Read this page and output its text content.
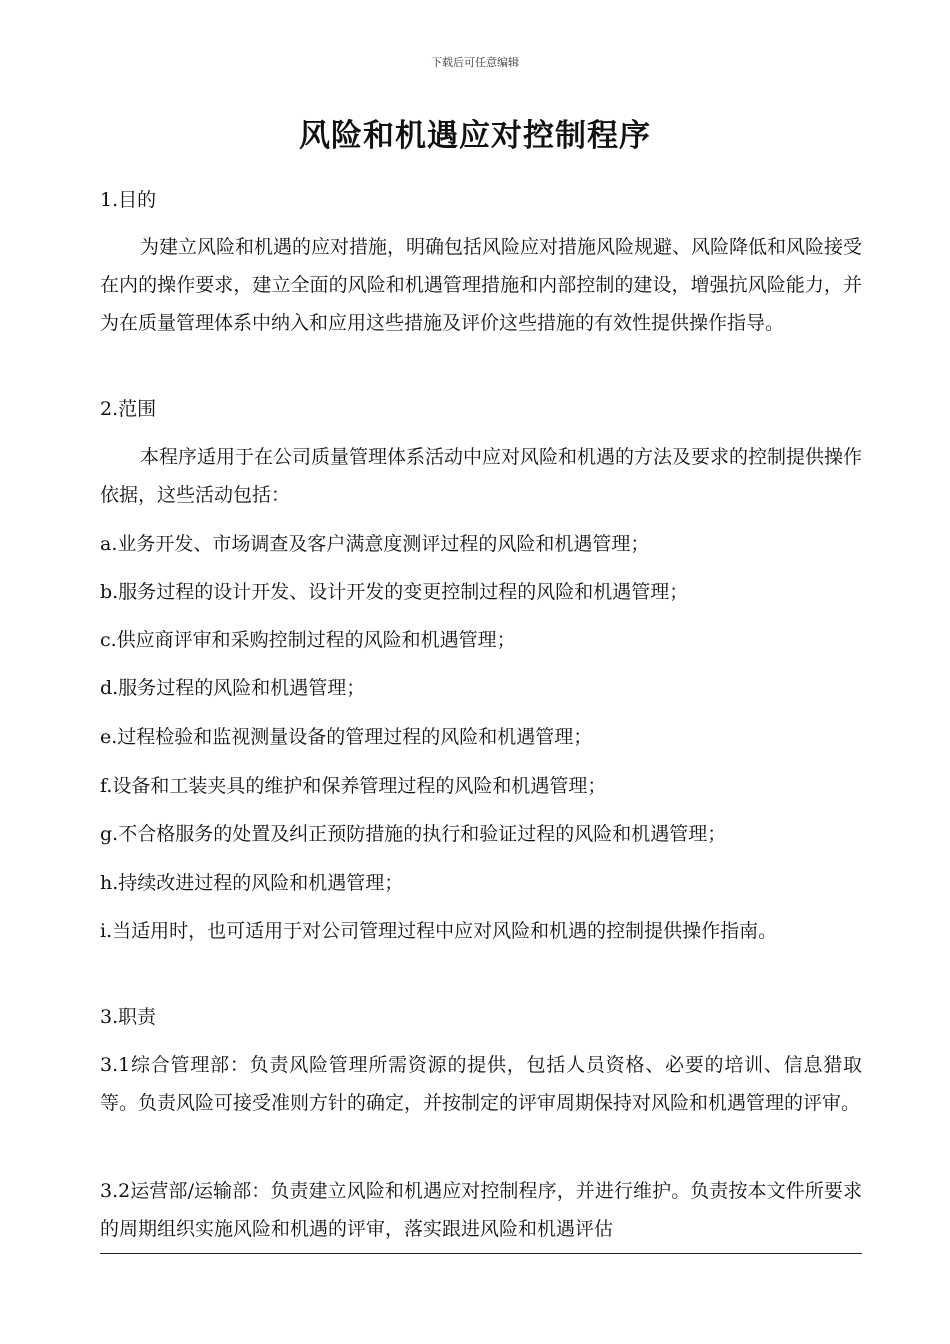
下载后可任意编辑
风险和机遇应对控制程序
1.目的
为建立风险和机遇的应对措施，明确包括风险应对措施风险规避、风险降低和风险接受在内的操作要求，建立全面的风险和机遇管理措施和内部控制的建设，增强抗风险能力，并为在质量管理体系中纳入和应用这些措施及评价这些措施的有效性提供操作指导。
2.范围
本程序适用于在公司质量管理体系活动中应对风险和机遇的方法及要求的控制提供操作依据，这些活动包括：
a.业务开发、市场调查及客户满意度测评过程的风险和机遇管理；
b.服务过程的设计开发、设计开发的变更控制过程的风险和机遇管理；
c.供应商评审和采购控制过程的风险和机遇管理；
d.服务过程的风险和机遇管理；
e.过程检验和监视测量设备的管理过程的风险和机遇管理；
f.设备和工装夹具的维护和保养管理过程的风险和机遇管理；
g.不合格服务的处置及纠正预防措施的执行和验证过程的风险和机遇管理；
h.持续改进过程的风险和机遇管理；
i.当适用时，也可适用于对公司管理过程中应对风险和机遇的控制提供操作指南。
3.职责
3.1综合管理部：负责风险管理所需资源的提供，包括人员资格、必要的培训、信息猎取等。负责风险可接受准则方针的确定，并按制定的评审周期保持对风险和机遇管理的评审。
3.2运营部/运输部：负责建立风险和机遇应对控制程序，并进行维护。负责按本文件所要求的周期组织实施风险和机遇的评审，落实跟进风险和机遇评估
